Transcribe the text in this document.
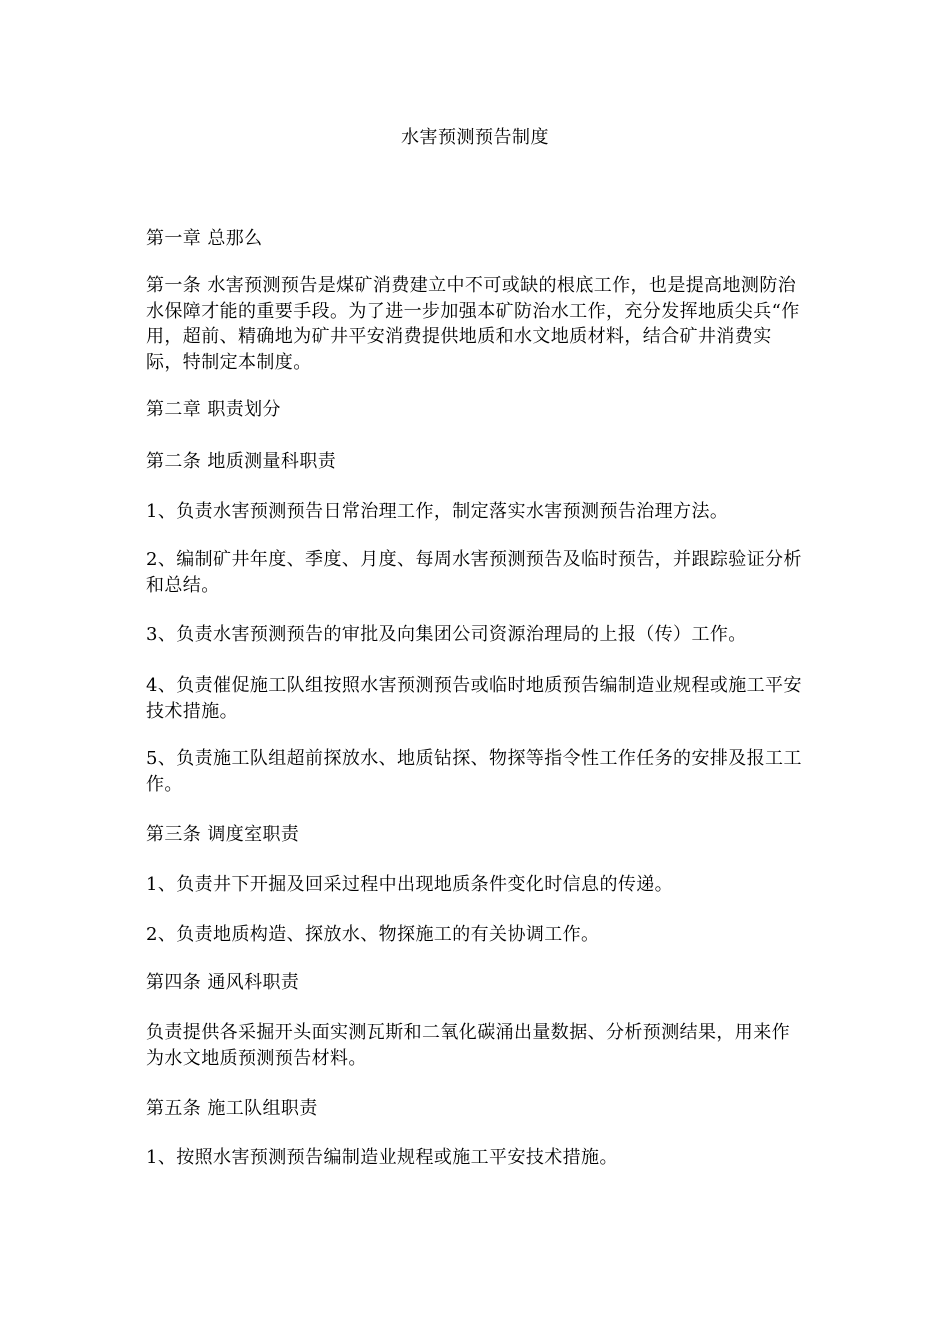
水害预测预告制度

第一章 总那么

第一条 水害预测预告是煤矿消费建立中不可或缺的根底工作，也是提高地测防治水保障才能的重要手段。为了进一步加强本矿防治水工作，充分发挥地质尖兵“作用，超前、精确地为矿井平安消费提供地质和水文地质材料，结合矿井消费实际，特制定本制度。

第二章 职责划分

第二条 地质测量科职责

1、负责水害预测预告日常治理工作，制定落实水害预测预告治理方法。

2、编制矿井年度、季度、月度、每周水害预测预告及临时预告，并跟踪验证分析和总结。

3、负责水害预测预告的审批及向集团公司资源治理局的上报（传）工作。

4、负责催促施工队组按照水害预测预告或临时地质预告编制造业规程或施工平安技术措施。

5、负责施工队组超前探放水、地质钻探、物探等指令性工作任务的安排及报工工作。

第三条 调度室职责

1、负责井下开掘及回采过程中出现地质条件变化时信息的传递。

2、负责地质构造、探放水、物探施工的有关协调工作。

第四条 通风科职责

负责提供各采掘开头面实测瓦斯和二氧化碳涌出量数据、分析预测结果，用来作为水文地质预测预告材料。

第五条 施工队组职责

1、按照水害预测预告编制造业规程或施工平安技术措施。
